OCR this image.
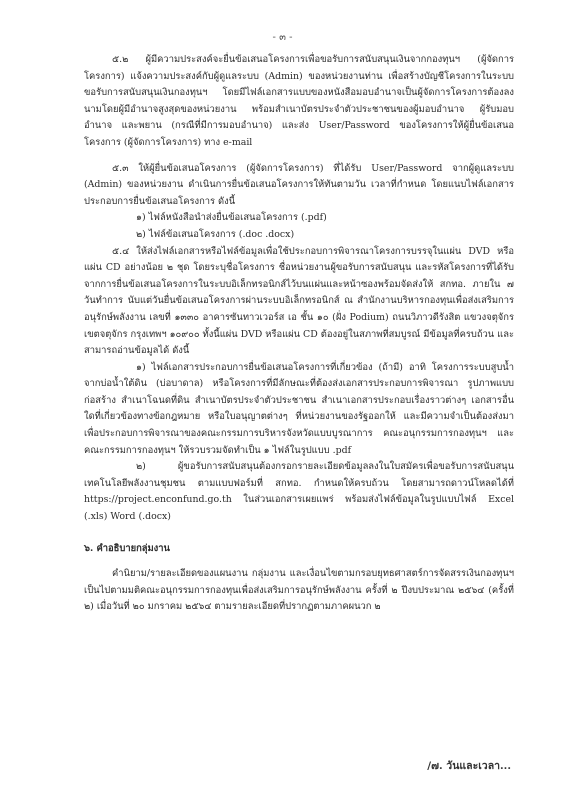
- ๓ -

๕.๒ ผู้มีความประสงค์จะยื่นข้อเสนอโครงการเพื่อขอรับการสนับสนุนเงินจากกองทุนฯ (ผู้จัดการโครงการ) แจ้งความประสงค์กับผู้ดูแลระบบ (Admin) ของหน่วยงานท่าน เพื่อสร้างบัญชีโครงการในระบบขอรับการสนับสนุนเงินกองทุนฯ โดยมีไฟล์เอกสารแบบของหนังสือมอบอำนาจเป็นผู้จัดการโครงการต้องลงนามโดยผู้มีอำนาจสูงสุดของหน่วยงาน พร้อมสำเนาบัตรประจำตัวประชาชนของผู้มอบอำนาจ ผู้รับมอบอำนาจ และพยาน (กรณีที่มีการมอบอำนาจ) และส่ง User/Password ของโครงการให้ผู้ยื่นข้อเสนอโครงการ (ผู้จัดการโครงการ) ทาง e-mail

๕.๓ ให้ผู้ยื่นข้อเสนอโครงการ (ผู้จัดการโครงการ) ที่ได้รับ User/Password จากผู้ดูแลระบบ (Admin) ของหน่วยงาน ดำเนินการยื่นข้อเสนอโครงการให้ทันตามวัน เวลาที่กำหนด โดยแนบไฟล์เอกสารประกอบการยื่นข้อเสนอโครงการ ดังนี้

๑) ไฟล์หนังสือนำส่งยื่นข้อเสนอโครงการ (.pdf)

๒) ไฟล์ข้อเสนอโครงการ (.doc .docx)

๕.๔ ให้ส่งไฟล์เอกสารหรือไฟล์ข้อมูลเพื่อใช้ประกอบการพิจารณาโครงการบรรจุในแผ่น DVD หรือแผ่น CD อย่างน้อย ๒ ชุด โดยระบุชื่อโครงการ ชื่อหน่วยงานผู้ขอรับการสนับสนุน และรหัสโครงการที่ได้รับจากการยื่นข้อเสนอโครงการในระบบอิเล็กทรอนิกส์ไว้บนแผ่นและหน้าซองพร้อมจัดส่งให้ สกทอ. ภายใน ๗ วันทำการ นับแต่วันยื่นข้อเสนอโครงการผ่านระบบอิเล็กทรอนิกส์ ณ สำนักงานบริหารกองทุนเพื่อส่งเสริมการอนุรักษ์พลังงาน เลขที่ ๑๓๓๐ อาคารซันทาวเวอร์ส เอ ชั้น ๑๐ (ฝั่ง Podium) ถนนวิภาวดีรังสิต แขวงจตุจักร เขตจตุจักร กรุงเทพฯ ๑๐๙๐๐ ทั้งนี้แผ่น DVD หรือแผ่น CD ต้องอยู่ในสภาพที่สมบูรณ์ มีข้อมูลที่ครบถ้วน และสามารถอ่านข้อมูลได้ ดังนี้

๑) ไฟล์เอกสารประกอบการยื่นข้อเสนอโครงการที่เกี่ยวข้อง (ถ้ามี) อาทิ โครงการระบบสูบน้ำจากบ่อน้ำใต้ดิน (บ่อบาดาล) หรือโครงการที่มีลักษณะที่ต้องส่งเอกสารประกอบการพิจารณา รูปภาพแบบก่อสร้าง สำเนาโฉนดที่ดิน สำเนาบัตรประจำตัวประชาชน สำเนาเอกสารประกอบเรื่องราวต่างๆ เอกสารอื่นใดที่เกี่ยวข้องทางข้อกฎหมาย หรือใบอนุญาตต่างๆ ที่หน่วยงานของรัฐออกให้ และมีความจำเป็นต้องส่งมาเพื่อประกอบการพิจารณาของคณะกรรมการบริหารจังหวัดแบบบูรณาการ คณะอนุกรรมการกองทุนฯ และคณะกรรมการกองทุนฯ ให้รวบรวมจัดทำเป็น ๑ ไฟล์ในรูปแบบ .pdf

๒) ผู้ขอรับการสนับสนุนต้องกรอกรายละเอียดข้อมูลลงในใบสมัครเพื่อขอรับการสนับสนุนเทคโนโลยีพลังงานชุมชน ตามแบบฟอร์มที่ สกทอ. กำหนดให้ครบถ้วน โดยสามารถดาวน์โหลดได้ที่ https://project.enconfund.go.th ในส่วนเอกสารเผยแพร่ พร้อมส่งไฟล์ข้อมูลในรูปแบบไฟล์ Excel (.xls) Word (.docx)

๖. คำอธิบายกลุ่มงาน

คำนิยาม/รายละเอียดของแผนงาน กลุ่มงาน และเงื่อนไขตามกรอบยุทธศาสตร์การจัดสรรเงินกองทุนฯ เป็นไปตามมติคณะอนุกรรมการกองทุนเพื่อส่งเสริมการอนุรักษ์พลังงาน ครั้งที่ ๒ ปีงบประมาณ ๒๕๖๔ (ครั้งที่ ๒) เมื่อวันที่ ๒๐ มกราคม ๒๕๖๔ ตามรายละเอียดที่ปรากฏตามภาคผนวก ๒

/๗. วันและเวลา...
